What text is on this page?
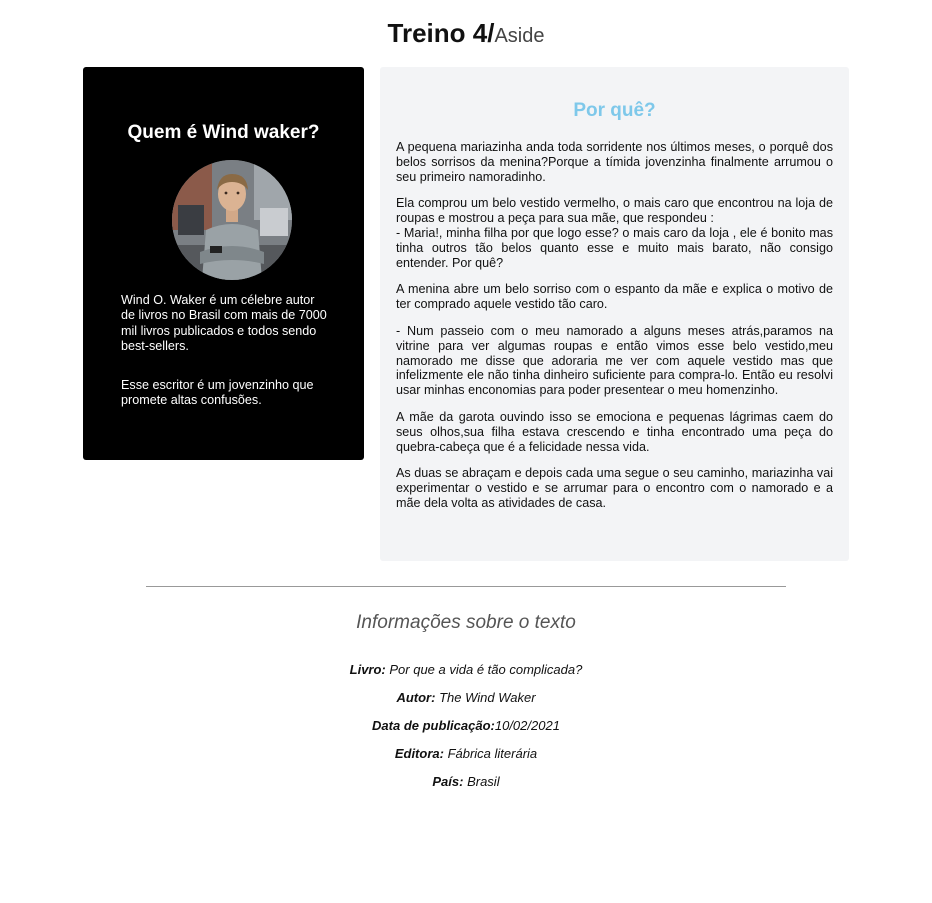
Treino 4/Aside
Quem é Wind waker?

Wind O. Waker é um célebre autor de livros no Brasil com mais de 7000 mil livros publicados e todos sendo best-sellers.

Esse escritor é um jovenzinho que promete altas confusões.

Por quê?

A pequena mariazinha anda toda sorridente nos últimos meses, o porquê dos belos sorrisos da menina?Porque a tímida jovenzinha finalmente arrumou o seu primeiro namoradinho.

Ela comprou um belo vestido vermelho, o mais caro que encontrou na loja de roupas e mostrou a peça para sua mãe, que respondeu :
- Maria!, minha filha por que logo esse? o mais caro da loja , ele é bonito mas tinha outros tão belos quanto esse e muito mais barato, não consigo entender. Por quê?

A menina abre um belo sorriso com o espanto da mãe e explica o motivo de ter comprado aquele vestido tão caro.

- Num passeio com o meu namorado a alguns meses atrás,paramos na vitrine para ver algumas roupas e então vimos esse belo vestido,meu namorado me disse que adoraria me ver com aquele vestido mas que infelizmente ele não tinha dinheiro suficiente para compra-lo. Então eu resolvi usar minhas enconomias para poder presentear o meu homenzinho.

A mãe da garota ouvindo isso se emociona e pequenas lágrimas caem do seus olhos,sua filha estava crescendo e tinha encontrado uma peça do quebra-cabeça que é a felicidade nessa vida.

As duas se abraçam e depois cada uma segue o seu caminho, mariazinha vai experimentar o vestido e se arrumar para o encontro com o namorado e a mãe dela volta as atividades de casa.

Informações sobre o texto
Livro: Por que a vida é tão complicada?
Autor: The Wind Waker
Data de publicação:10/02/2021
Editora: Fábrica literária
País: Brasil
